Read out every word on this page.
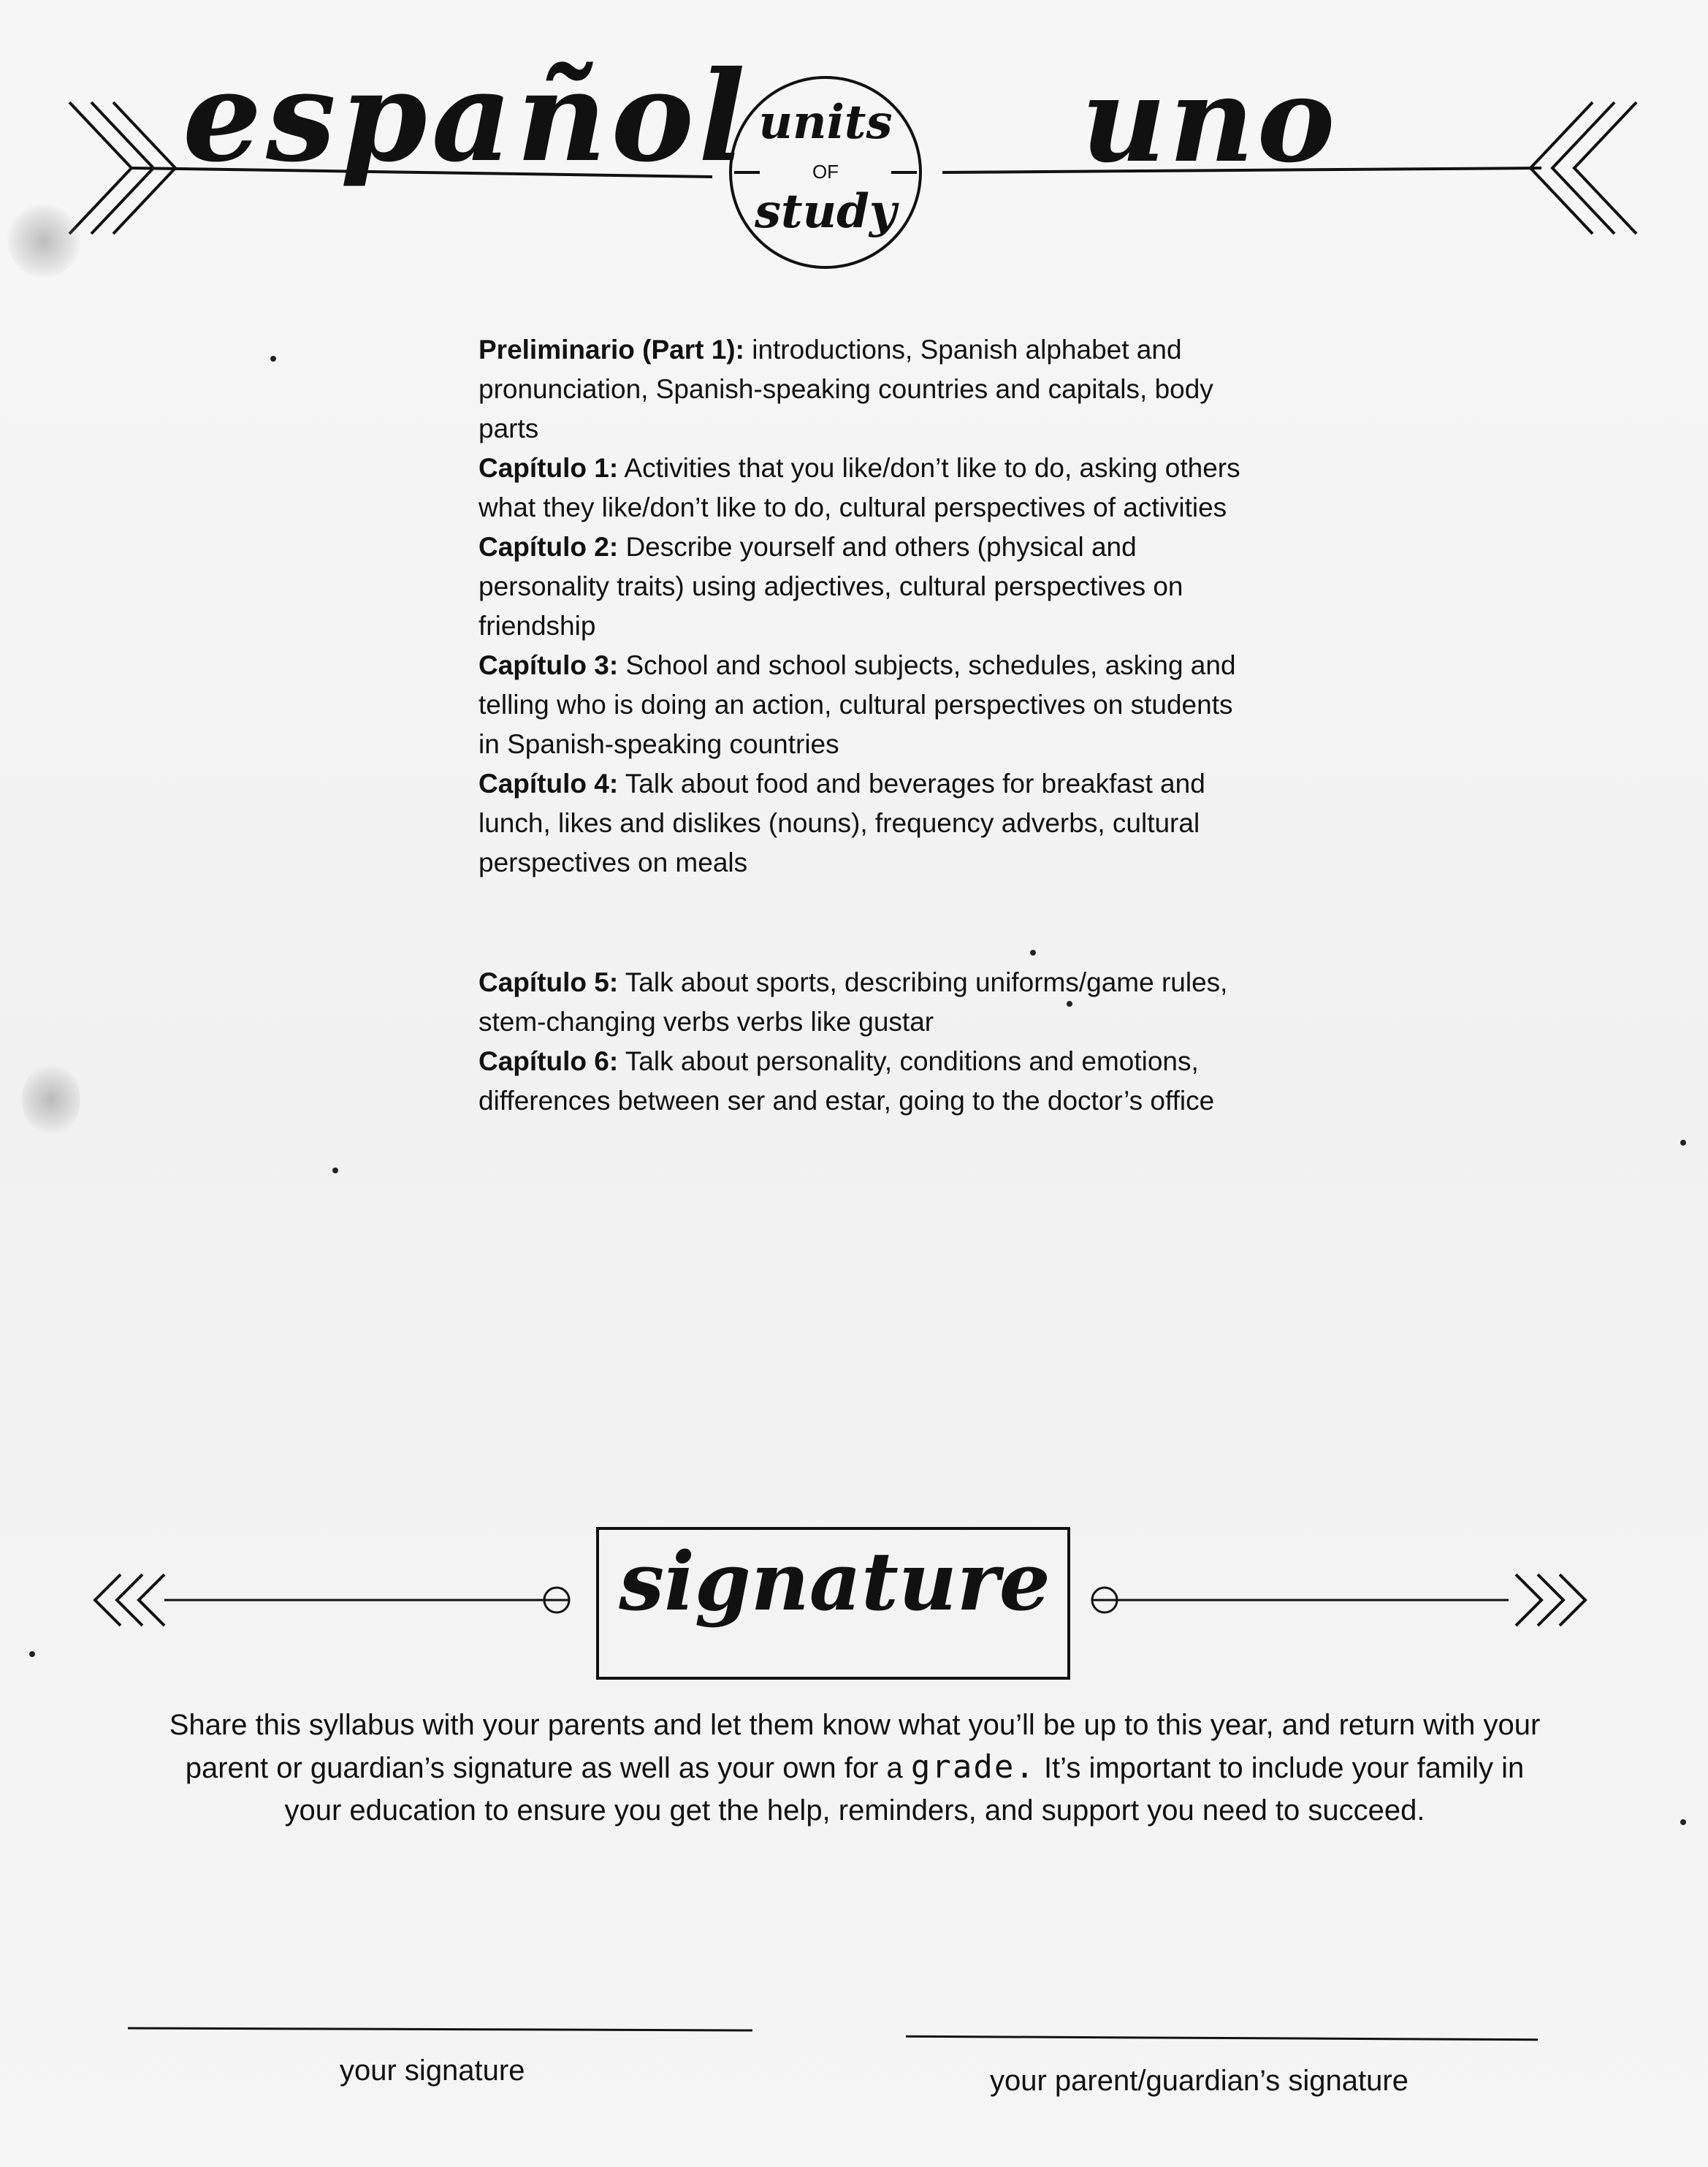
español	uno
units
OF
study

Preliminario (Part 1): introductions, Spanish alphabet and pronunciation, Spanish-speaking countries and capitals, body parts

Capítulo 1: Activities that you like/don’t like to do, asking others what they like/don’t like to do, cultural perspectives of activities

Capítulo 2: Describe yourself and others (physical and personality traits) using adjectives, cultural perspectives on friendship

Capítulo 3: School and school subjects, schedules, asking and telling who is doing an action, cultural perspectives on students in Spanish-speaking countries

Capítulo 4: Talk about food and beverages for breakfast and lunch, likes and dislikes (nouns), frequency adverbs, cultural perspectives on meals

Capítulo 5: Talk about sports, describing uniforms/game rules, stem-changing verbs verbs like gustar

Capítulo 6: Talk about personality, conditions and emotions, differences between ser and estar, going to the doctor’s office

signature
Share this syllabus with your parents and let them know what you’ll be up to this year, and return with your parent or guardian’s signature as well as your own for a grade. It’s important to include your family in your education to ensure you get the help, reminders, and support you need to succeed.
your signature	your parent/guardian’s signature
